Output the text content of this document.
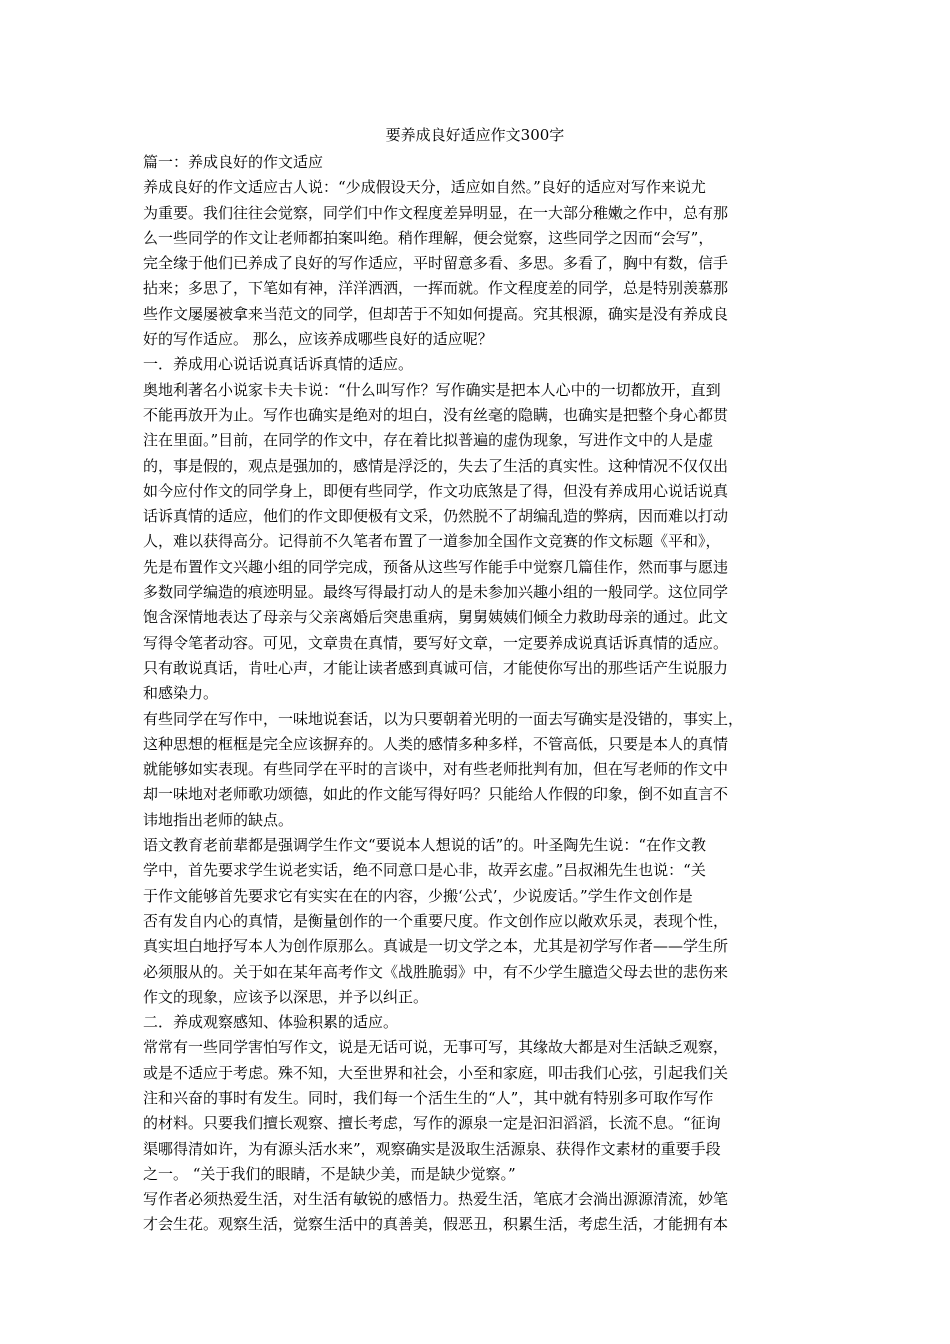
要养成良好适应作文300字
篇一：养成良好的作文适应
养成良好的作文适应古人说：“少成假设天分，适应如自然。”良好的适应对写作来说尤
为重要。我们往往会觉察，同学们中作文程度差异明显，在一大部分稚嫩之作中，总有那
么一些同学的作文让老师都拍案叫绝。稍作理解，便会觉察，这些同学之因而“会写”，
完全缘于他们已养成了良好的写作适应，平时留意多看、多思。多看了，胸中有数，信手
拈来；多思了，下笔如有神，洋洋洒洒，一挥而就。作文程度差的同学，总是特别羡慕那
些作文屡屡被拿来当范文的同学，但却苦于不知如何提高。究其根源，确实是没有养成良
好的写作适应。 那么，应该养成哪些良好的适应呢？
一．养成用心说话说真话诉真情的适应。
奥地利著名小说家卡夫卡说：“什么叫写作？写作确实是把本人心中的一切都放开，直到
不能再放开为止。写作也确实是绝对的坦白，没有丝毫的隐瞒，也确实是把整个身心都贯
注在里面。”目前，在同学的作文中，存在着比拟普遍的虚伪现象，写进作文中的人是虚
的，事是假的，观点是强加的，感情是浮泛的，失去了生活的真实性。这种情况不仅仅出
如今应付作文的同学身上，即便有些同学，作文功底煞是了得，但没有养成用心说话说真
话诉真情的适应，他们的作文即便极有文采，仍然脱不了胡编乱造的弊病，因而难以打动
人，难以获得高分。记得前不久笔者布置了一道参加全国作文竞赛的作文标题《平和》，
先是布置作文兴趣小组的同学完成，预备从这些写作能手中觉察几篇佳作，然而事与愿违
多数同学编造的痕迹明显。最终写得最打动人的是未参加兴趣小组的一般同学。这位同学
饱含深情地表达了母亲与父亲离婚后突患重病，舅舅姨姨们倾全力救助母亲的通过。此文
写得令笔者动容。可见，文章贵在真情，要写好文章，一定要养成说真话诉真情的适应。
只有敢说真话，肯吐心声，才能让读者感到真诚可信，才能使你写出的那些话产生说服力
和感染力。
有些同学在写作中，一味地说套话，以为只要朝着光明的一面去写确实是没错的，事实上，
这种思想的框框是完全应该摒弃的。人类的感情多种多样，不管高低，只要是本人的真情
就能够如实表现。有些同学在平时的言谈中，对有些老师批判有加，但在写老师的作文中
却一味地对老师歌功颂德，如此的作文能写得好吗？只能给人作假的印象，倒不如直言不
讳地指出老师的缺点。
语文教育老前辈都是强调学生作文“要说本人想说的话”的。叶圣陶先生说：“在作文教
学中，首先要求学生说老实话，绝不同意口是心非，故弄玄虚。”吕叔湘先生也说：“关
于作文能够首先要求它有实实在在的内容，少搬‘公式’，少说废话。”学生作文创作是
否有发自内心的真情，是衡量创作的一个重要尺度。作文创作应以敞欢乐灵，表现个性，
真实坦白地抒写本人为创作原那么。真诚是一切文学之本，尤其是初学写作者——学生所
必须服从的。关于如在某年高考作文《战胜脆弱》中，有不少学生臆造父母去世的悲伤来
作文的现象，应该予以深思，并予以纠正。
二．养成观察感知、体验积累的适应。
常常有一些同学害怕写作文，说是无话可说，无事可写，其缘故大都是对生活缺乏观察，
或是不适应于考虑。殊不知，大至世界和社会，小至和家庭，叩击我们心弦，引起我们关
注和兴奋的事时有发生。同时，我们每一个活生生的“人”，其中就有特别多可取作写作
的材料。只要我们擅长观察、擅长考虑，写作的源泉一定是汩汩滔滔，长流不息。“征询
渠哪得清如许，为有源头活水来”，观察确实是汲取生活源泉、获得作文素材的重要手段
之一。 “关于我们的眼睛，不是缺少美，而是缺少觉察。”
写作者必须热爱生活，对生活有敏锐的感悟力。热爱生活，笔底才会淌出源源清流，妙笔
才会生花。观察生活，觉察生活中的真善美，假恶丑，积累生活，考虑生活，才能拥有本
